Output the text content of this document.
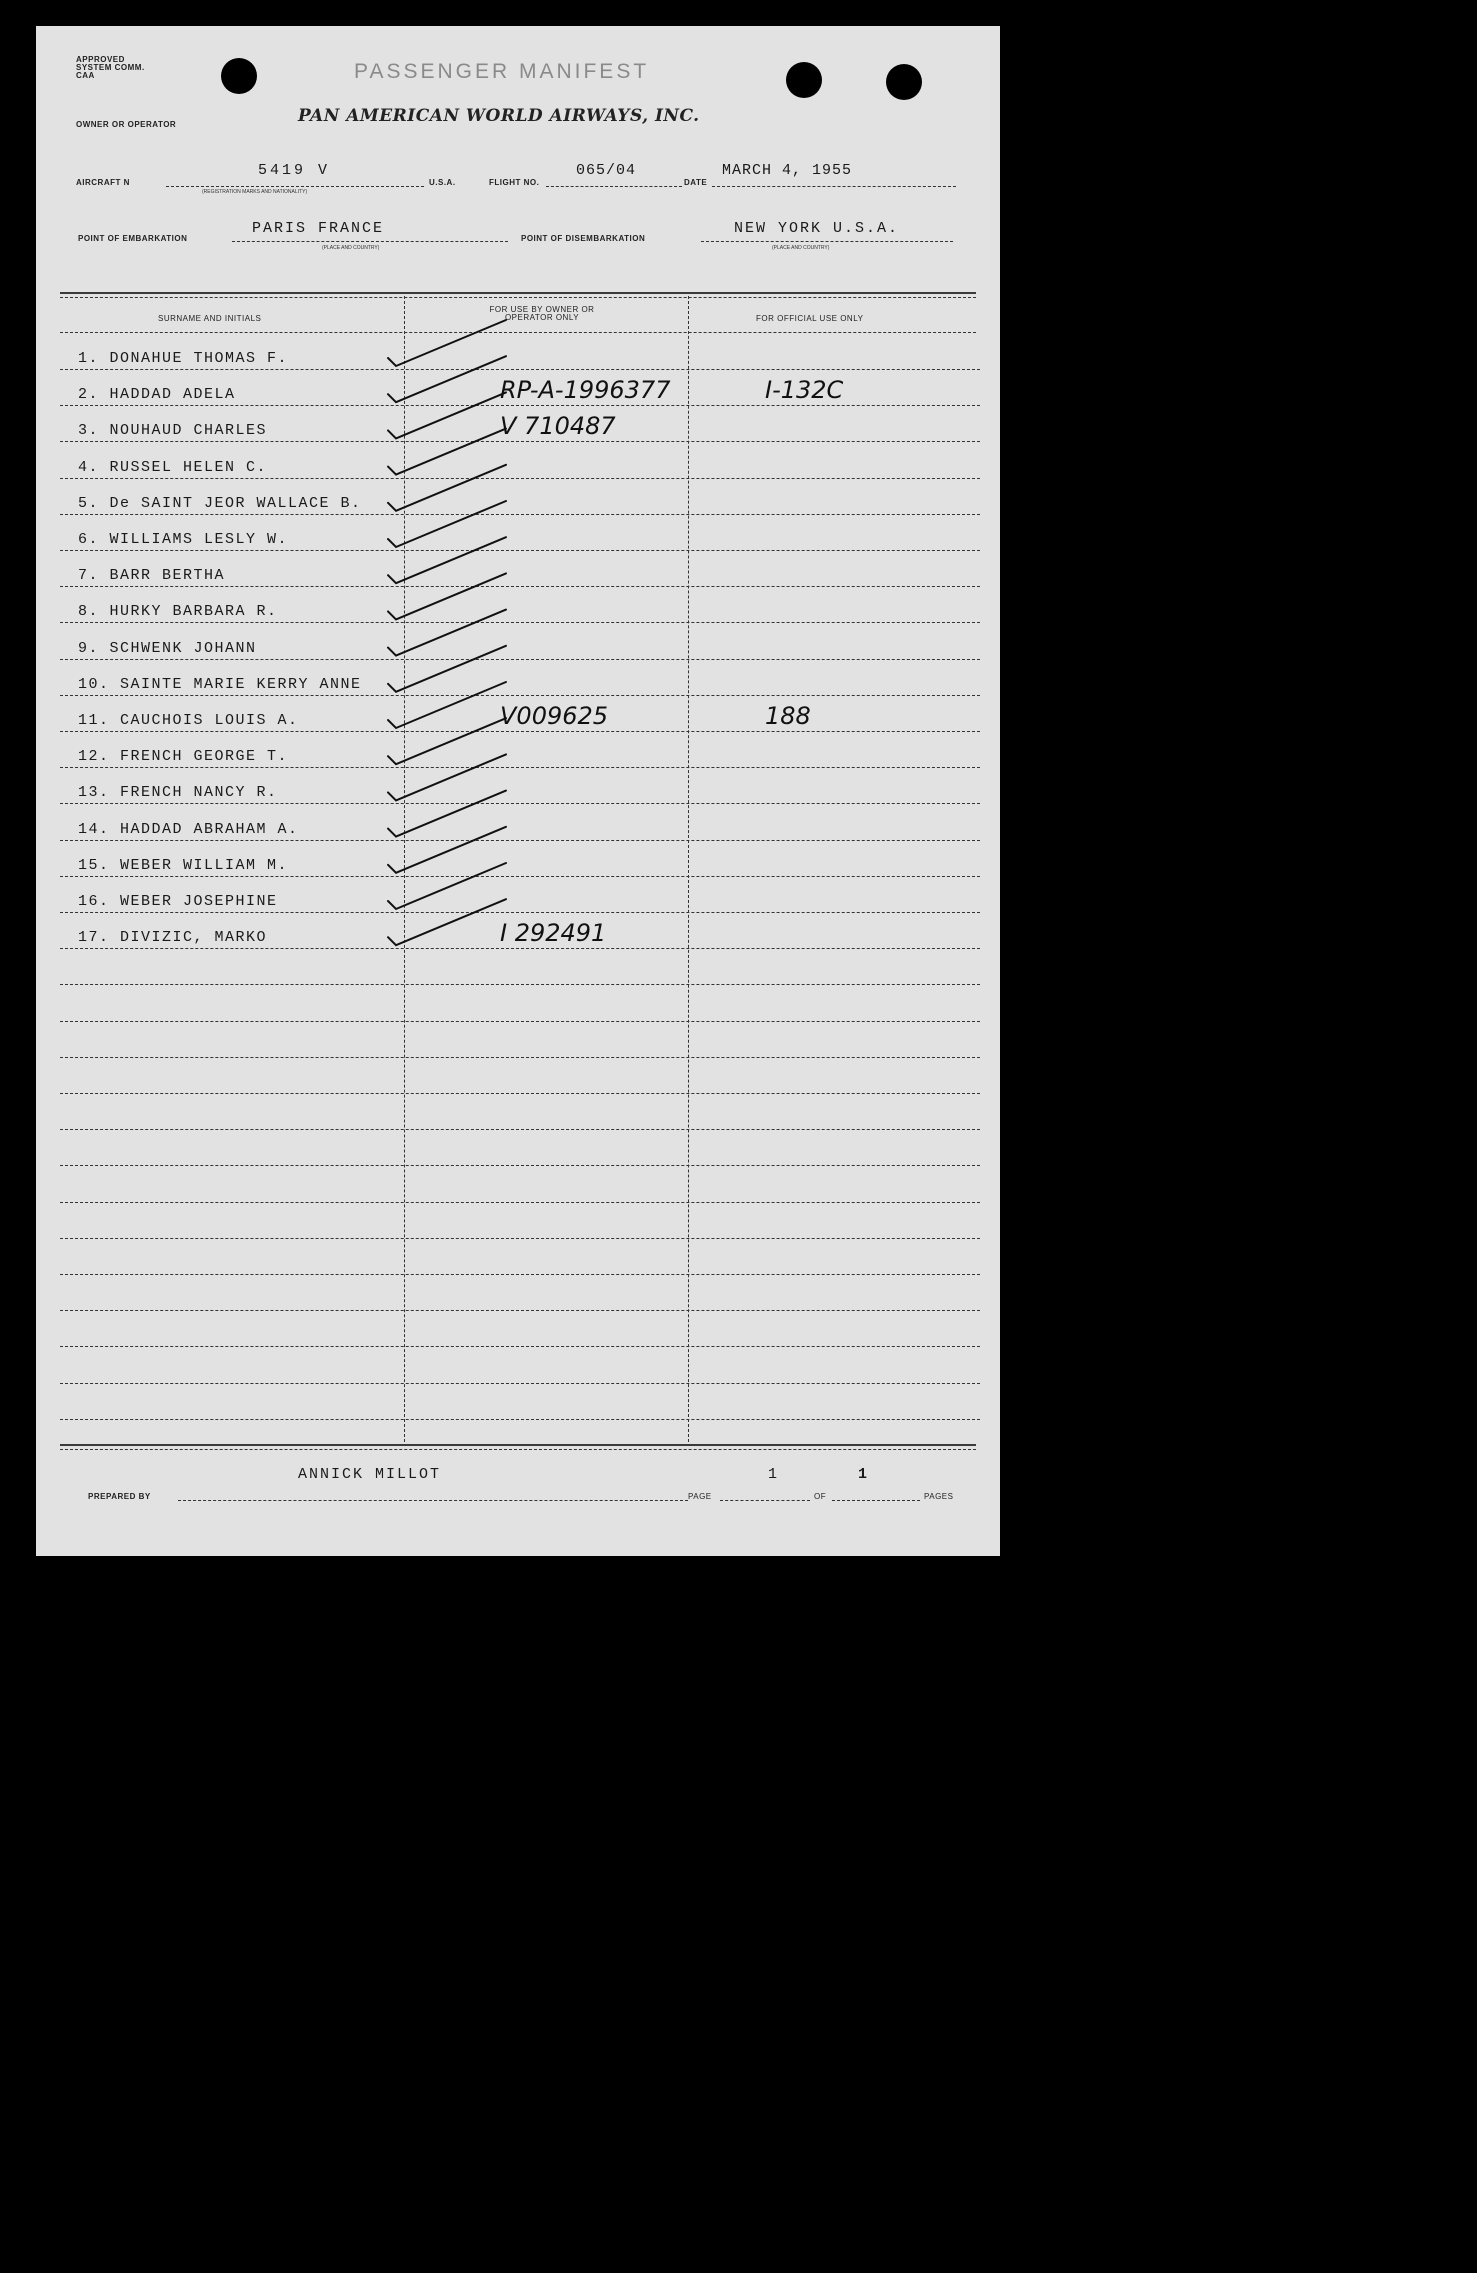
APPROVED
SYSTEM COMM.
CAA	PASSENGER MANIFEST
OWNER OR OPERATOR	PAN AMERICAN WORLD AIRWAYS, INC.
AIRCRAFT N
5419 V
(REGISTRATION MARKS AND NATIONALITY)
U.S.A.	FLIGHT NO.
065/04
DATE
MARCH 4, 1955
POINT OF EMBARKATION
PARIS FRANCE
(PLACE AND COUNTRY)
POINT OF DISEMBARKATION
NEW YORK U.S.A.
(PLACE AND COUNTRY)
SURNAME AND INITIALS
FOR USE BY OWNER OR OPERATOR ONLY	FOR OFFICIAL USE ONLY
1. DONAHUE THOMAS F.
2. HADDAD ADELA	RP-A-1996377	I-132C
3. NOUHAUD CHARLES	V 710487
4. RUSSEL HELEN C.
5. De SAINT JEOR WALLACE B.
6. WILLIAMS LESLY W.
7. BARR BERTHA
8. HURKY BARBARA R.
9. SCHWENK JOHANN
10. SAINTE MARIE KERRY ANNE
11. CAUCHOIS LOUIS A.	V009625	188
12. FRENCH GEORGE T.
13. FRENCH NANCY R.
14. HADDAD ABRAHAM A.
15. WEBER WILLIAM M.
16. WEBER JOSEPHINE
17. DIVIZIC, MARKO	I 292491
PREPARED BY
ANNICK MILLOT
PAGE
1
OF
1
PAGES
